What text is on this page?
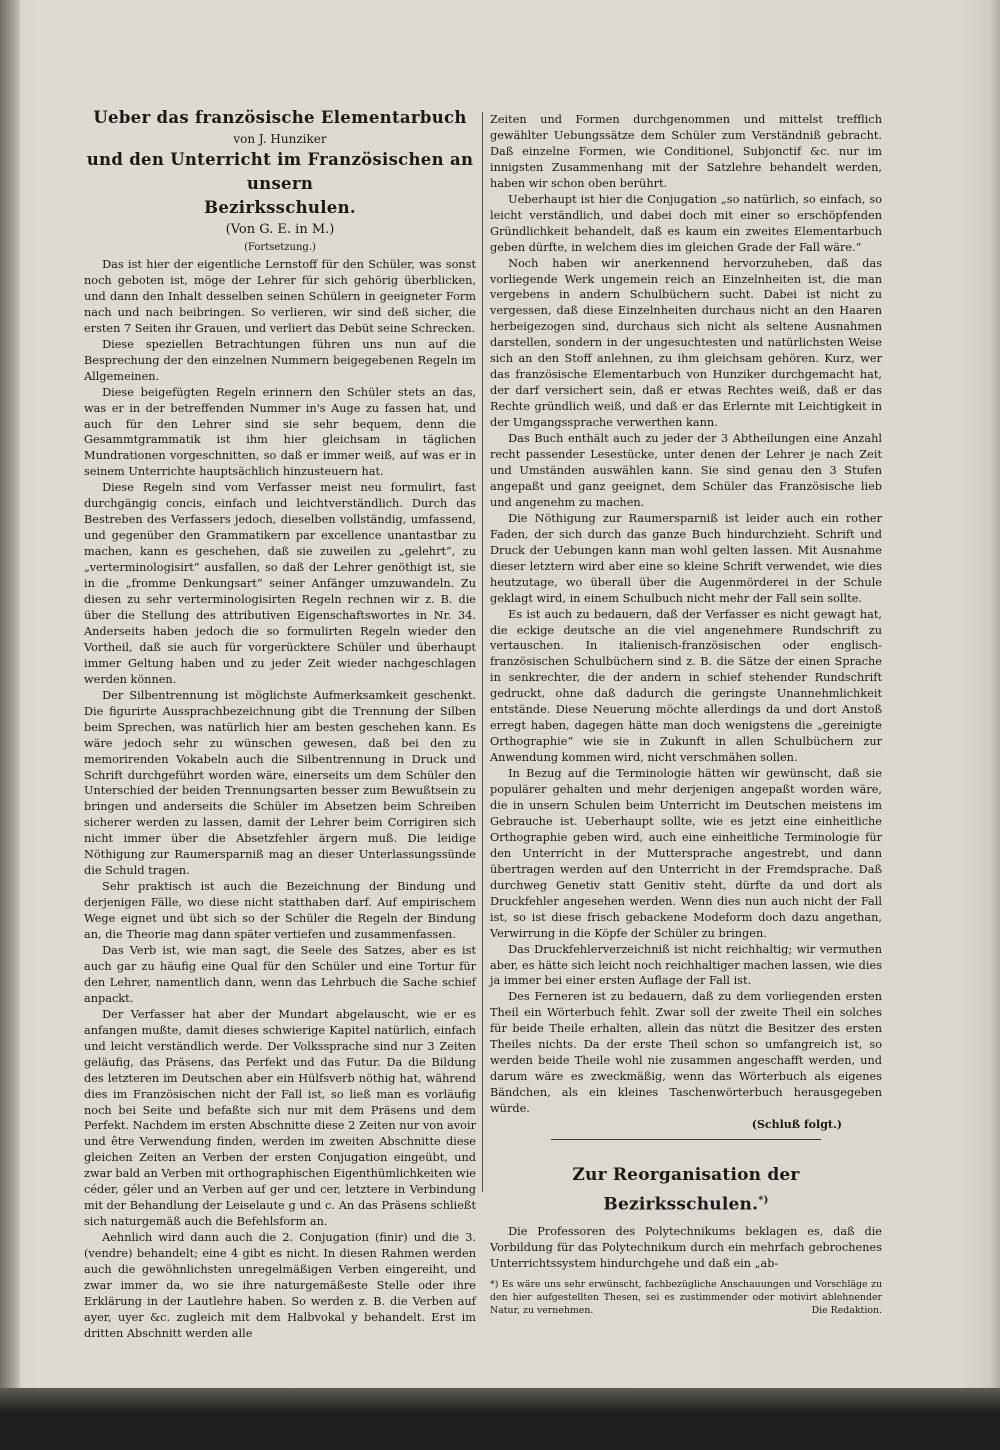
Ueber das französische Elementarbuch
von J. Hunziker
und den Unterricht im Französischen an unsern
Bezirksschulen.
(Von G. E. in M.)
(Fortsetzung.)

Das ist hier der eigentliche Lernstoff für den Schüler, was sonst noch geboten ist, möge der Lehrer für sich gehörig überblicken, und dann den Inhalt desselben seinen Schülern in geeigneter Form nach und nach beibringen. So verlieren, wir sind deß sicher, die ersten 7 Seiten ihr Grauen, und verliert das Debüt seine Schrecken.

Diese speziellen Betrachtungen führen uns nun auf die Besprechung der den einzelnen Nummern beigegebenen Regeln im Allgemeinen.

Diese beigefügten Regeln erinnern den Schüler stets an das, was er in der betreffenden Nummer in's Auge zu fassen hat, und auch für den Lehrer sind sie sehr bequem, denn die Gesammtgrammatik ist ihm hier gleichsam in täglichen Mundrationen vorgeschnitten, so daß er immer weiß, auf was er in seinem Unterrichte hauptsächlich hinzusteuern hat.

Diese Regeln sind vom Verfasser meist neu formulirt, fast durchgängig concis, einfach und leichtverständlich. Durch das Bestreben des Verfassers jedoch, dieselben vollständig, umfassend, und gegenüber den Grammatikern par excellence unantastbar zu machen, kann es geschehen, daß sie zuweilen zu „gelehrt“, zu „verterminologisirt“ ausfallen, so daß der Lehrer genöthigt ist, sie in die „fromme Denkungsart“ seiner Anfänger umzuwandeln. Zu diesen zu sehr verterminologisirten Regeln rechnen wir z. B. die über die Stellung des attributiven Eigenschaftswortes in Nr. 34. Anderseits haben jedoch die so formulirten Regeln wieder den Vortheil, daß sie auch für vorgerücktere Schüler und überhaupt immer Geltung haben und zu jeder Zeit wieder nachgeschlagen werden können.

Der Silbentrennung ist möglichste Aufmerksamkeit geschenkt. Die figurirte Aussprachbezeichnung gibt die Trennung der Silben beim Sprechen, was natürlich hier am besten geschehen kann. Es wäre jedoch sehr zu wünschen gewesen, daß bei den zu memorirenden Vokabeln auch die Silbentrennung in Druck und Schrift durchgeführt worden wäre, einerseits um dem Schüler den Unterschied der beiden Trennungsarten besser zum Bewußtsein zu bringen und anderseits die Schüler im Absetzen beim Schreiben sicherer werden zu lassen, damit der Lehrer beim Corrigiren sich nicht immer über die Absetzfehler ärgern muß. Die leidige Nöthigung zur Raumersparniß mag an dieser Unterlassungssünde die Schuld tragen.

Sehr praktisch ist auch die Bezeichnung der Bindung und derjenigen Fälle, wo diese nicht statthaben darf. Auf empirischem Wege eignet und übt sich so der Schüler die Regeln der Bindung an, die Theorie mag dann später vertiefen und zusammenfassen.

Das Verb ist, wie man sagt, die Seele des Satzes, aber es ist auch gar zu häufig eine Qual für den Schüler und eine Tortur für den Lehrer, namentlich dann, wenn das Lehrbuch die Sache schief anpackt.

Der Verfasser hat aber der Mundart abgelauscht, wie er es anfangen mußte, damit dieses schwierige Kapitel natürlich, einfach und leicht verständlich werde. Der Volkssprache sind nur 3 Zeiten geläufig, das Präsens, das Perfekt und das Futur. Da die Bildung des letzteren im Deutschen aber ein Hülfsverb nöthig hat, während dies im Französischen nicht der Fall ist, so ließ man es vorläufig noch bei Seite und befaßte sich nur mit dem Präsens und dem Perfekt. Nachdem im ersten Abschnitte diese 2 Zeiten nur von avoir und être Verwendung finden, werden im zweiten Abschnitte diese gleichen Zeiten an Verben der ersten Conjugation eingeübt, und zwar bald an Verben mit orthographischen Eigenthümlichkeiten wie céder, géler und an Verben auf ger und cer, letztere in Verbindung mit der Behandlung der Leiselaute g und c. An das Präsens schließt sich naturgemäß auch die Befehlsform an.

Aehnlich wird dann auch die 2. Conjugation (finir) und die 3. (vendre) behandelt; eine 4 gibt es nicht. In diesen Rahmen werden auch die gewöhnlichsten unregelmäßigen Verben eingereiht, und zwar immer da, wo sie ihre naturgemäßeste Stelle oder ihre Erklärung in der Lautlehre haben. So werden z. B. die Verben auf ayer, uyer &c. zugleich mit dem Halbvokal y behandelt. Erst im dritten Abschnitt werden alle

Zeiten und Formen durchgenommen und mittelst trefflich gewählter Uebungssätze dem Schüler zum Verständniß gebracht. Daß einzelne Formen, wie Conditionel, Subjonctif &c. nur im innigsten Zusammenhang mit der Satzlehre behandelt werden, haben wir schon oben berührt.

Ueberhaupt ist hier die Conjugation „so natürlich, so einfach, so leicht verständlich, und dabei doch mit einer so erschöpfenden Gründlichkeit behandelt, daß es kaum ein zweites Elementarbuch geben dürfte, in welchem dies im gleichen Grade der Fall wäre.“

Noch haben wir anerkennend hervorzuheben, daß das vorliegende Werk ungemein reich an Einzelnheiten ist, die man vergebens in andern Schulbüchern sucht. Dabei ist nicht zu vergessen, daß diese Einzelnheiten durchaus nicht an den Haaren herbeigezogen sind, durchaus sich nicht als seltene Ausnahmen darstellen, sondern in der ungesuchtesten und natürlichsten Weise sich an den Stoff anlehnen, zu ihm gleichsam gehören. Kurz, wer das französische Elementarbuch von Hunziker durchgemacht hat, der darf versichert sein, daß er etwas Rechtes weiß, daß er das Rechte gründlich weiß, und daß er das Erlernte mit Leichtigkeit in der Umgangssprache verwerthen kann.

Das Buch enthält auch zu jeder der 3 Abtheilungen eine Anzahl recht passender Lesestücke, unter denen der Lehrer je nach Zeit und Umständen auswählen kann. Sie sind genau den 3 Stufen angepaßt und ganz geeignet, dem Schüler das Französische lieb und angenehm zu machen.

Die Nöthigung zur Raumersparniß ist leider auch ein rother Faden, der sich durch das ganze Buch hindurchzieht. Schrift und Druck der Uebungen kann man wohl gelten lassen. Mit Ausnahme dieser letztern wird aber eine so kleine Schrift verwendet, wie dies heutzutage, wo überall über die Augenmörderei in der Schule geklagt wird, in einem Schulbuch nicht mehr der Fall sein sollte.

Es ist auch zu bedauern, daß der Verfasser es nicht gewagt hat, die eckige deutsche an die viel angenehmere Rundschrift zu vertauschen. In italienisch-französischen oder englisch-französischen Schulbüchern sind z. B. die Sätze der einen Sprache in senkrechter, die der andern in schief stehender Rundschrift gedruckt, ohne daß dadurch die geringste Unannehmlichkeit entstände. Diese Neuerung möchte allerdings da und dort Anstoß erregt haben, dagegen hätte man doch wenigstens die „gereinigte Orthographie“ wie sie in Zukunft in allen Schulbüchern zur Anwendung kommen wird, nicht verschmähen sollen.

In Bezug auf die Terminologie hätten wir gewünscht, daß sie populärer gehalten und mehr derjenigen angepaßt worden wäre, die in unsern Schulen beim Unterricht im Deutschen meistens im Gebrauche ist. Ueberhaupt sollte, wie es jetzt eine einheitliche Orthographie geben wird, auch eine einheitliche Terminologie für den Unterricht in der Muttersprache angestrebt, und dann übertragen werden auf den Unterricht in der Fremdsprache. Daß durchweg Genetiv statt Genitiv steht, dürfte da und dort als Druckfehler angesehen werden. Wenn dies nun auch nicht der Fall ist, so ist diese frisch gebackene Modeform doch dazu angethan, Verwirrung in die Köpfe der Schüler zu bringen.

Das Druckfehlerverzeichniß ist nicht reichhaltig; wir vermuthen aber, es hätte sich leicht noch reichhaltiger machen lassen, wie dies ja immer bei einer ersten Auflage der Fall ist.

Des Ferneren ist zu bedauern, daß zu dem vorliegenden ersten Theil ein Wörterbuch fehlt. Zwar soll der zweite Theil ein solches für beide Theile erhalten, allein das nützt die Besitzer des ersten Theiles nichts. Da der erste Theil schon so umfangreich ist, so werden beide Theile wohl nie zusammen angeschafft werden, und darum wäre es zweckmäßig, wenn das Wörterbuch als eigenes Bändchen, als ein kleines Taschenwörterbuch herausgegeben würde.

(Schluß folgt.)
Zur Reorganisation der Bezirksschulen.*)

Die Professoren des Polytechnikums beklagen es, daß die Vorbildung für das Polytechnikum durch ein mehrfach gebrochenes Unterrichtssystem hindurchgehe und daß ein „ab-

*) Es wäre uns sehr erwünscht, fachbezügliche Anschauungen und Vorschläge zu den hier aufgestellten Thesen, sei es zustimmender oder motivirt ablehnender Natur, zu vernehmen.	Die Redaktion.
